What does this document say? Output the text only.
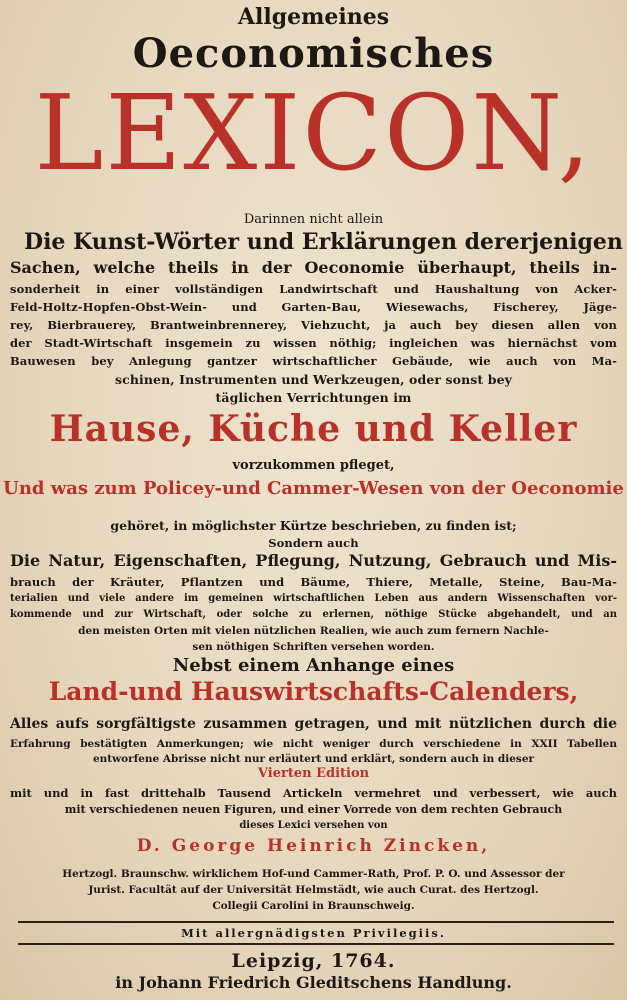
Allgemeines
Oeconomisches
LEXICON,
Darinnen nicht allein
Die Kunst-Wörter und Erklärungen dererjenigen
Sachen, welche theils in der Oeconomie überhaupt, theils in-
sonderheit in einer vollständigen Landwirtschaft und Haushaltung von Acker-
Feld-Holtz-Hopfen-Obst-Wein- und Garten-Bau, Wiesewachs, Fischerey, Jäge-
rey, Bierbrauerey, Brantweinbrennerey, Viehzucht, ja auch bey diesen allen von
der Stadt-Wirtschaft insgemein zu wissen nöthig; ingleichen was hiernächst vom
Bauwesen bey Anlegung gantzer wirtschaftlicher Gebäude, wie auch von Ma-
schinen, Instrumenten und Werkzeugen, oder sonst bey
täglichen Verrichtungen im
Hause, Küche und Keller
vorzukommen pfleget,
Und was zum Policey-und Cammer-Wesen von der Oeconomie
gehöret, in möglichster Kürtze beschrieben, zu finden ist;
Sondern auch
Die Natur, Eigenschaften, Pflegung, Nutzung, Gebrauch und Mis-
brauch der Kräuter, Pflantzen und Bäume, Thiere, Metalle, Steine, Bau-Ma-
terialien und viele andere im gemeinen wirtschaftlichen Leben aus andern Wissenschaften vor-
kommende und zur Wirtschaft, oder solche zu erlernen, nöthige Stücke abgehandelt, und an
den meisten Orten mit vielen nützlichen Realien, wie auch zum fernern Nachle-
sen nöthigen Schriften versehen worden.
Nebst einem Anhange eines
Land-und Hauswirtschafts-Calenders,
Alles aufs sorgfältigste zusammen getragen, und mit nützlichen durch die
Erfahrung bestätigten Anmerkungen; wie nicht weniger durch verschiedene in XXII Tabellen
entworfene Abrisse nicht nur erläutert und erklärt, sondern auch in dieser
Vierten Edition
mit und in fast drittehalb Tausend Artickeln vermehret und verbessert, wie auch
mit verschiedenen neuen Figuren, und einer Vorrede von dem rechten Gebrauch
dieses Lexici versehen von
D. George Heinrich Zincken,
Hertzogl. Braunschw. wirklichem Hof-und Cammer-Rath, Prof. P. O. und Assessor der
Jurist. Facultät auf der Universität Helmstädt, wie auch Curat. des Hertzogl.
Collegii Carolini in Braunschweig.
Mit allergnädigsten Privilegiis.
Leipzig, 1764.
in Johann Friedrich Gleditschens Handlung.
